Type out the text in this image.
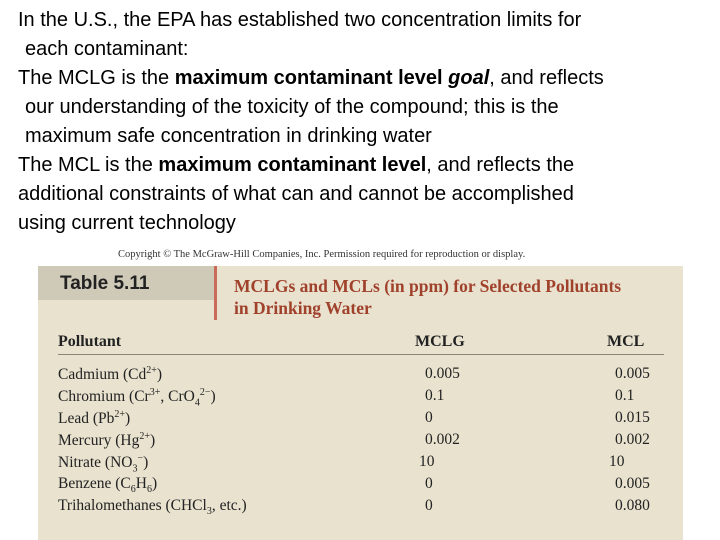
In the U.S., the EPA has established two concentration limits for
each contaminant:
The MCLG is the maximum contaminant level goal, and reflects
our understanding of the toxicity of the compound; this is the
maximum safe concentration in drinking water
The MCL is the maximum contaminant level, and reflects the
additional constraints of what can and cannot be accomplished
using current technology
Copyright © The McGraw-Hill Companies, Inc. Permission required for reproduction or display.
Table 5.11	MCLGs and MCLs (in ppm) for Selected Pollutants
in Drinking Water
Pollutant	MCLG	MCL
Cadmium $(Cd^{2+})$	0.005	0.005
Chromium ($Cr^{3+}$, CrO$_4^{2-}$)	0.1	0.1
Lead $(Pb^{2+})$	0	0.015
Mercury $(Hg^{2+})$	0.002	0.002
Nitrate $(NO_3^-)$	10	10
Benzene $(C_6H_6)$	0	0.005
Trihalomethanes (CHCl$_3$, etc.)	0	0.080
